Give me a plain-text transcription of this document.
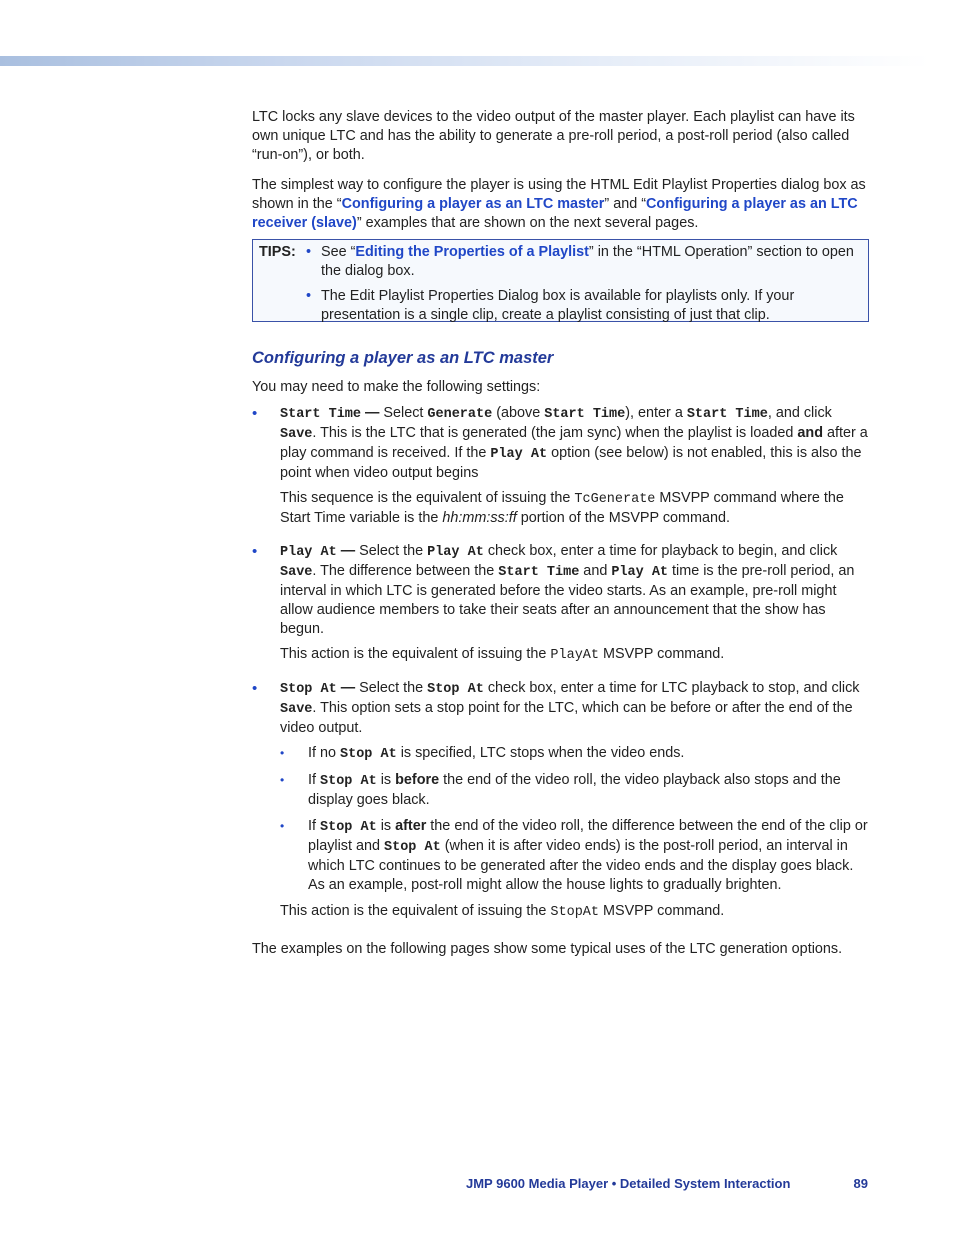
LTC locks any slave devices to the video output of the master player. Each playlist can have its own unique LTC and has the ability to generate a pre-roll period, a post-roll period (also called “run-on”), or both.

The simplest way to configure the player is using the HTML Edit Playlist Properties dialog box as shown in the “Configuring a player as an LTC master” and “Configuring a player as an LTC receiver (slave)” examples that are shown on the next several pages.

TIPS: • See “Editing the Properties of a Playlist” in the “HTML Operation” section to open the dialog box.
• The Edit Playlist Properties Dialog box is available for playlists only. If your presentation is a single clip, create a playlist consisting of just that clip.
Configuring a player as an LTC master

You may need to make the following settings:

• Start Time — Select Generate (above Start Time), enter a Start Time, and click Save. This is the LTC that is generated (the jam sync) when the playlist is loaded and after a play command is received. If the Play At option (see below) is not enabled, this is also the point when video output begins

This sequence is the equivalent of issuing the TcGenerate MSVPP command where the Start Time variable is the hh:mm:ss:ff portion of the MSVPP command.

• Play At — Select the Play At check box, enter a time for playback to begin, and click Save. The difference between the Start Time and Play At time is the pre-roll period, an interval in which LTC is generated before the video starts. As an example, pre-roll might allow audience members to take their seats after an announcement that the show has begun.

This action is the equivalent of issuing the PlayAt MSVPP command.

• Stop At — Select the Stop At check box, enter a time for LTC playback to stop, and click Save. This option sets a stop point for the LTC, which can be before or after the end of the video output.

• If no Stop At is specified, LTC stops when the video ends.

• If Stop At is before the end of the video roll, the video playback also stops and the display goes black.

• If Stop At is after the end of the video roll, the difference between the end of the clip or playlist and Stop At (when it is after video ends) is the post-roll period, an interval in which LTC continues to be generated after the video ends and the display goes black. As an example, post-roll might allow the house lights to gradually brighten.

This action is the equivalent of issuing the StopAt MSVPP command.

The examples on the following pages show some typical uses of the LTC generation options.

JMP 9600 Media Player • Detailed System Interaction	89
